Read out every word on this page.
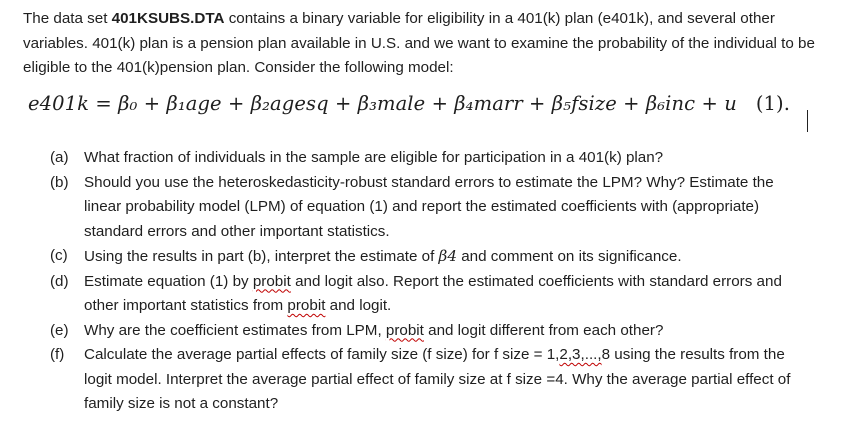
The data set 401KSUBS.DTA contains a binary variable for eligibility in a 401(k) plan (e401k), and several other variables. 401(k) plan is a pension plan available in U.S. and we want to examine the probability of the individual to be eligible to the 401(k)pension plan. Consider the following model:
e401k = β₀ + β₁age + β₂agesq + β₃male + β₄marr + β₅fsize + β₆inc + u (1).
(a)	What fraction of individuals in the sample are eligible for participation in a 401(k) plan?
(b)	Should you use the heteroskedasticity-robust standard errors to estimate the LPM? Why? Estimate the linear probability model (LPM) of equation (1) and report the estimated coefficients with (appropriate) standard errors and other important statistics.
(c)	Using the results in part (b), interpret the estimate of β4 and comment on its significance.
(d)	Estimate equation (1) by probit and logit also. Report the estimated coefficients with standard errors and other important statistics from probit and logit.
(e)	Why are the coefficient estimates from LPM, probit and logit different from each other?
(f)	Calculate the average partial effects of family size (f size) for f size = 1,2,3,...,8 using the results from the logit model. Interpret the average partial effect of family size at f size =4. Why the average partial effect of family size is not a constant?
